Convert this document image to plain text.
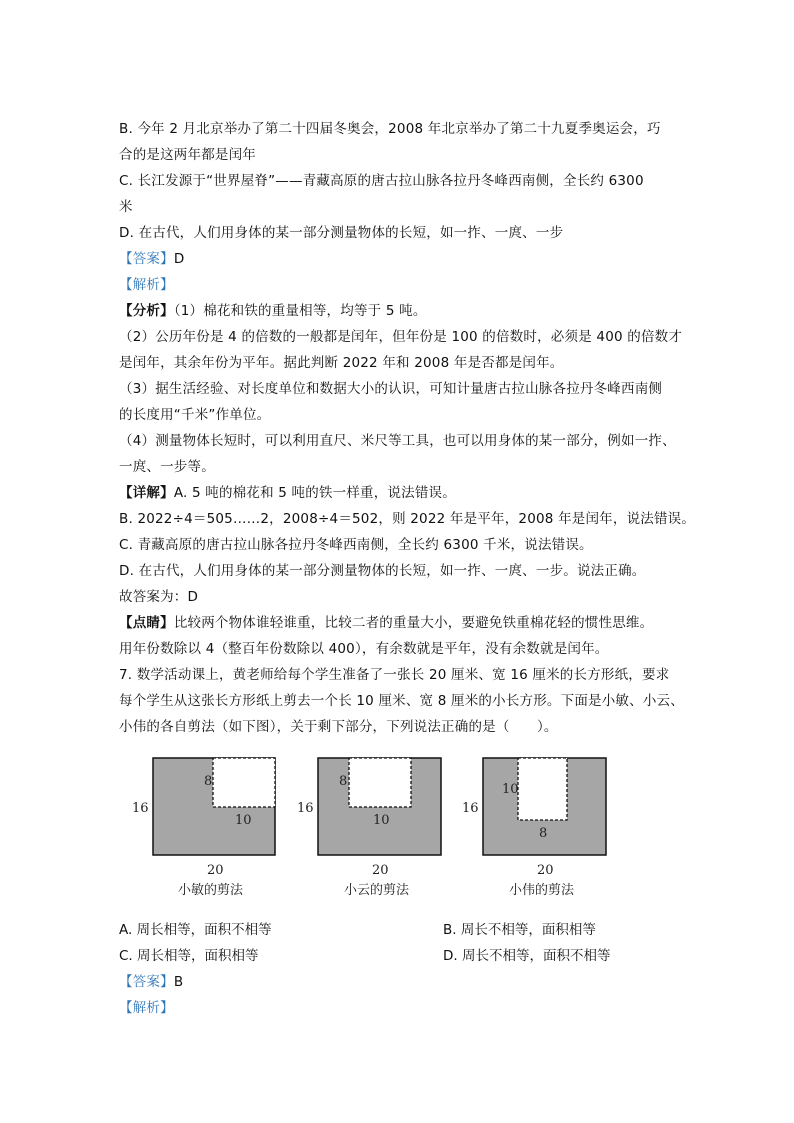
B. 今年 2 月北京举办了第二十四届冬奥会，2008 年北京举办了第二十九夏季奥运会，巧
合的是这两年都是闰年
C. 长江发源于“世界屋脊”——青藏高原的唐古拉山脉各拉丹冬峰西南侧，全长约 6300
米
D. 在古代，人们用身体的某一部分测量物体的长短，如一拃、一庹、一步
【答案】D
【解析】
【分析】（1）棉花和铁的重量相等，均等于 5 吨。
（2）公历年份是 4 的倍数的一般都是闰年，但年份是 100 的倍数时，必须是 400 的倍数才
是闰年，其余年份为平年。据此判断 2022 年和 2008 年是否都是闰年。
（3）据生活经验、对长度单位和数据大小的认识，可知计量唐古拉山脉各拉丹冬峰西南侧
的长度用“千米”作单位。
（4）测量物体长短时，可以利用直尺、米尺等工具，也可以用身体的某一部分，例如一拃、
一庹、一步等。
【详解】A. 5 吨的棉花和 5 吨的铁一样重，说法错误。
B. 2022÷4＝505……2，2008÷4＝502，则 2022 年是平年，2008 年是闰年，说法错误。
C. 青藏高原的唐古拉山脉各拉丹冬峰西南侧，全长约 6300 千米，说法错误。
D. 在古代，人们用身体的某一部分测量物体的长短，如一拃、一庹、一步。说法正确。
故答案为：D
【点睛】比较两个物体谁轻谁重，比较二者的重量大小，要避免铁重棉花轻的惯性思维。
用年份数除以 4（整百年份数除以 400），有余数就是平年，没有余数就是闰年。
7. 数学活动课上，黄老师给每个学生准备了一张长 20 厘米、宽 16 厘米的长方形纸，要求
每个学生从这张长方形纸上剪去一个长 10 厘米、宽 8 厘米的小长方形。下面是小敏、小云、
小伟的各自剪法（如下图），关于剩下部分，下列说法正确的是（　　）。
8
10
16
20
小敏的剪法
8
10
16
20
小云的剪法
10
8
16
20
小伟的剪法
A. 周长相等，面积不相等	B. 周长不相等，面积相等
C. 周长相等，面积相等	D. 周长不相等，面积不相等
【答案】B
【解析】
